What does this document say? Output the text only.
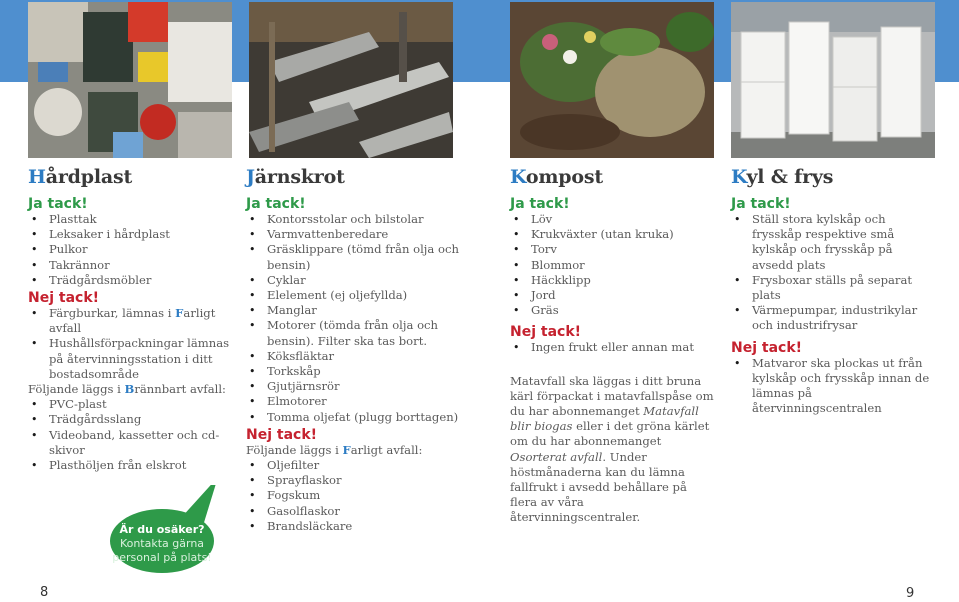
Hårdplast
Ja tack!
• Plasttak
• Leksaker i hårdplast
• Pulkor
• Takrännor
• Trädgårdsmöbler
Nej tack!
• Färgburkar, lämnas i Farligt avfall
• Hushållsförpackningar lämnas på återvinningsstation i ditt bostadsområde
Följande läggs i Brännbart avfall:
• PVC-plast
• Trädgårdsslang
• Videoband, kassetter och cd-skivor
• Plasthöljen från elskrot
Järnskrot
Ja tack!
• Kontorsstolar och bilstolar
• Varmvattenberedare
• Gräsklippare (tömd från olja och bensin)
• Cyklar
• Elelement (ej oljefyllda)
• Manglar
• Motorer (tömda från olja och bensin). Filter ska tas bort.
• Köksfläktar
• Torkskåp
• Gjutjärnsrör
• Elmotorer
• Tomma oljefat (plugg borttagen)
Nej tack!
Följande läggs i Farligt avfall:
• Oljefilter
• Sprayflaskor
• Fogskum
• Gasolflaskor
• Brandsläckare
Kompost
Ja tack!
• Löv
• Krukväxter (utan kruka)
• Torv
• Blommor
• Häckklipp
• Jord
• Gräs
Nej tack!
• Ingen frukt eller annan mat
Matavfall ska läggas i ditt bruna kärl förpackat i matavfallspåse om du har abonnemanget Matavfall blir biogas eller i det gröna kärlet om du har abonnemanget Osorterat avfall. Under höstmånaderna kan du lämna fallfrukt i avsedd behållare på flera av våra återvinningscentraler.
Kyl & frys
Ja tack!
• Ställ stora kylskåp och frysskåp respektive små kylskåp och frysskåp på avsedd plats
• Frysboxar ställs på separat plats
• Värmepumpar, industrikylar och industrifrysar
Nej tack!
• Matvaror ska plockas ut från kylskåp och frysskåp innan de lämnas på återvinningscentralen
Är du osäker?
Kontakta gärna
personal på plats!
8	9
